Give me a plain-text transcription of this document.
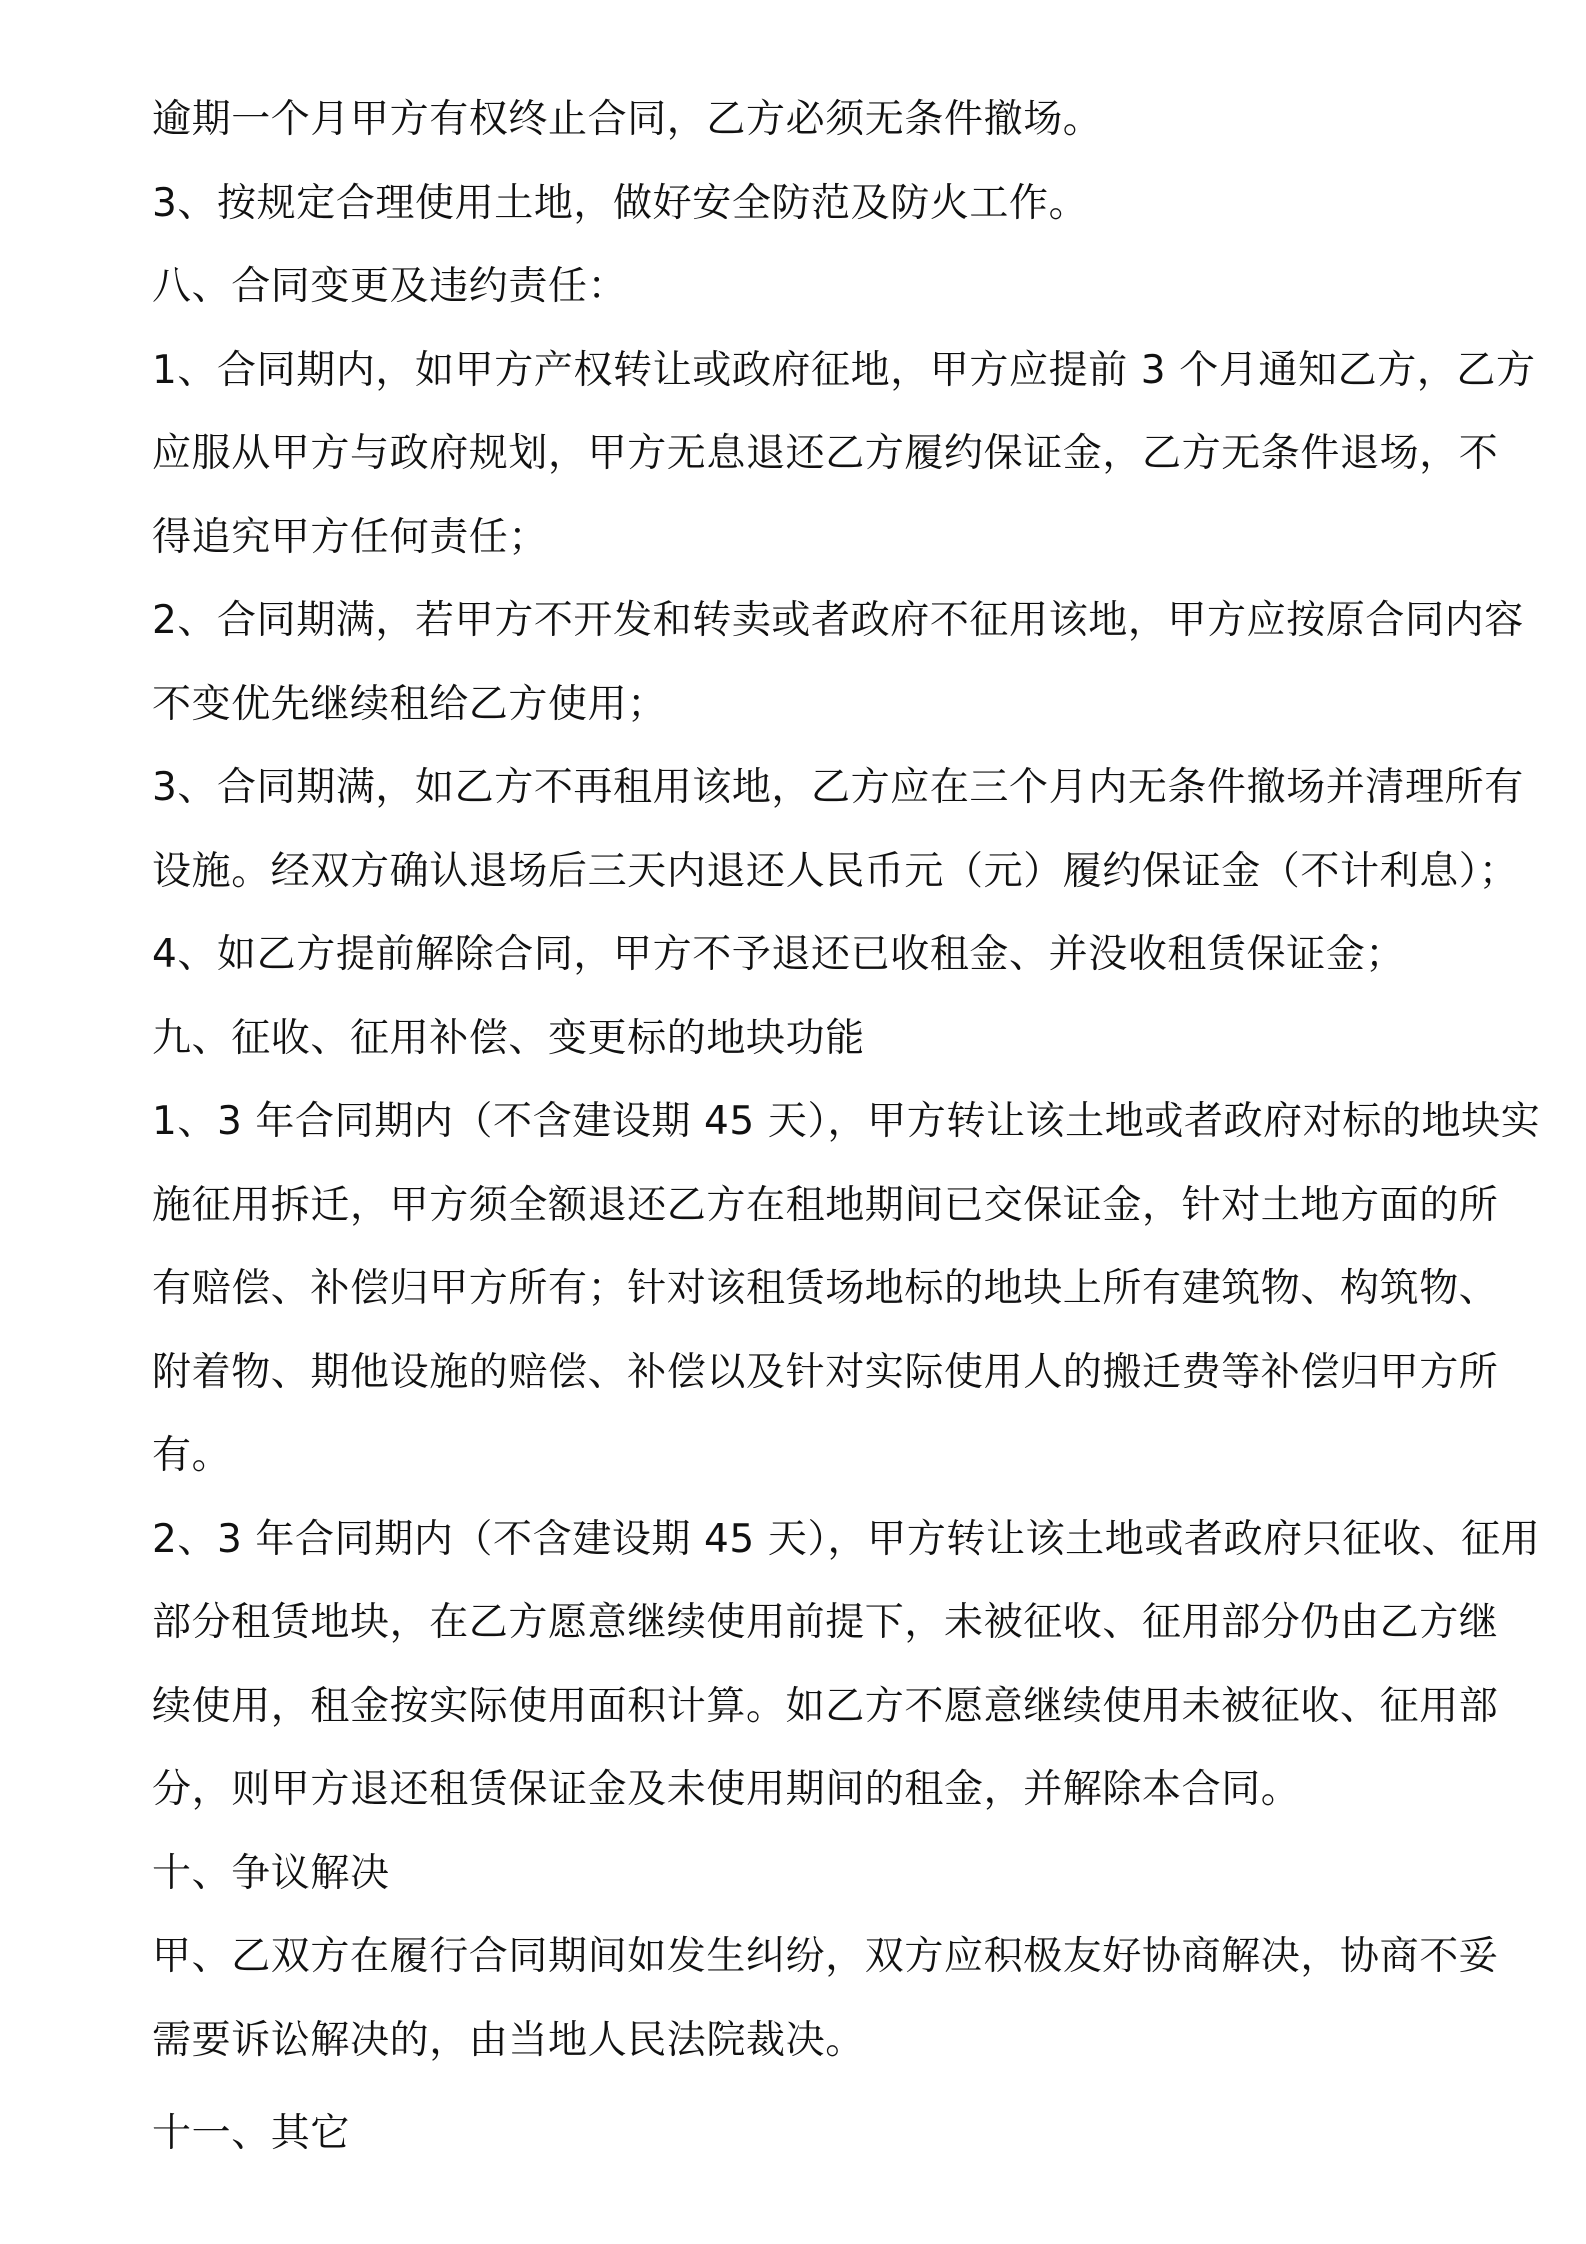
逾期一个月甲方有权终止合同，乙方必须无条件撤场。
3、按规定合理使用土地，做好安全防范及防火工作。
八、合同变更及违约责任：
1、合同期内，如甲方产权转让或政府征地，甲方应提前 3 个月通知乙方，乙方
应服从甲方与政府规划，甲方无息退还乙方履约保证金，乙方无条件退场，不
得追究甲方任何责任；
2、合同期满，若甲方不开发和转卖或者政府不征用该地，甲方应按原合同内容
不变优先继续租给乙方使用；
3、合同期满，如乙方不再租用该地，乙方应在三个月内无条件撤场并清理所有
设施。经双方确认退场后三天内退还人民币元（元）履约保证金（不计利息）；
4、如乙方提前解除合同，甲方不予退还已收租金、并没收租赁保证金；
九、征收、征用补偿、变更标的地块功能
1、3 年合同期内（不含建设期 45 天），甲方转让该土地或者政府对标的地块实
施征用拆迁，甲方须全额退还乙方在租地期间已交保证金，针对土地方面的所
有赔偿、补偿归甲方所有；针对该租赁场地标的地块上所有建筑物、构筑物、
附着物、期他设施的赔偿、补偿以及针对实际使用人的搬迁费等补偿归甲方所
有。
2、3 年合同期内（不含建设期 45 天），甲方转让该土地或者政府只征收、征用
部分租赁地块，在乙方愿意继续使用前提下，未被征收、征用部分仍由乙方继
续使用，租金按实际使用面积计算。如乙方不愿意继续使用未被征收、征用部
分，则甲方退还租赁保证金及未使用期间的租金，并解除本合同。
十、争议解决
甲、乙双方在履行合同期间如发生纠纷，双方应积极友好协商解决，协商不妥
需要诉讼解决的，由当地人民法院裁决。
十一、其它
